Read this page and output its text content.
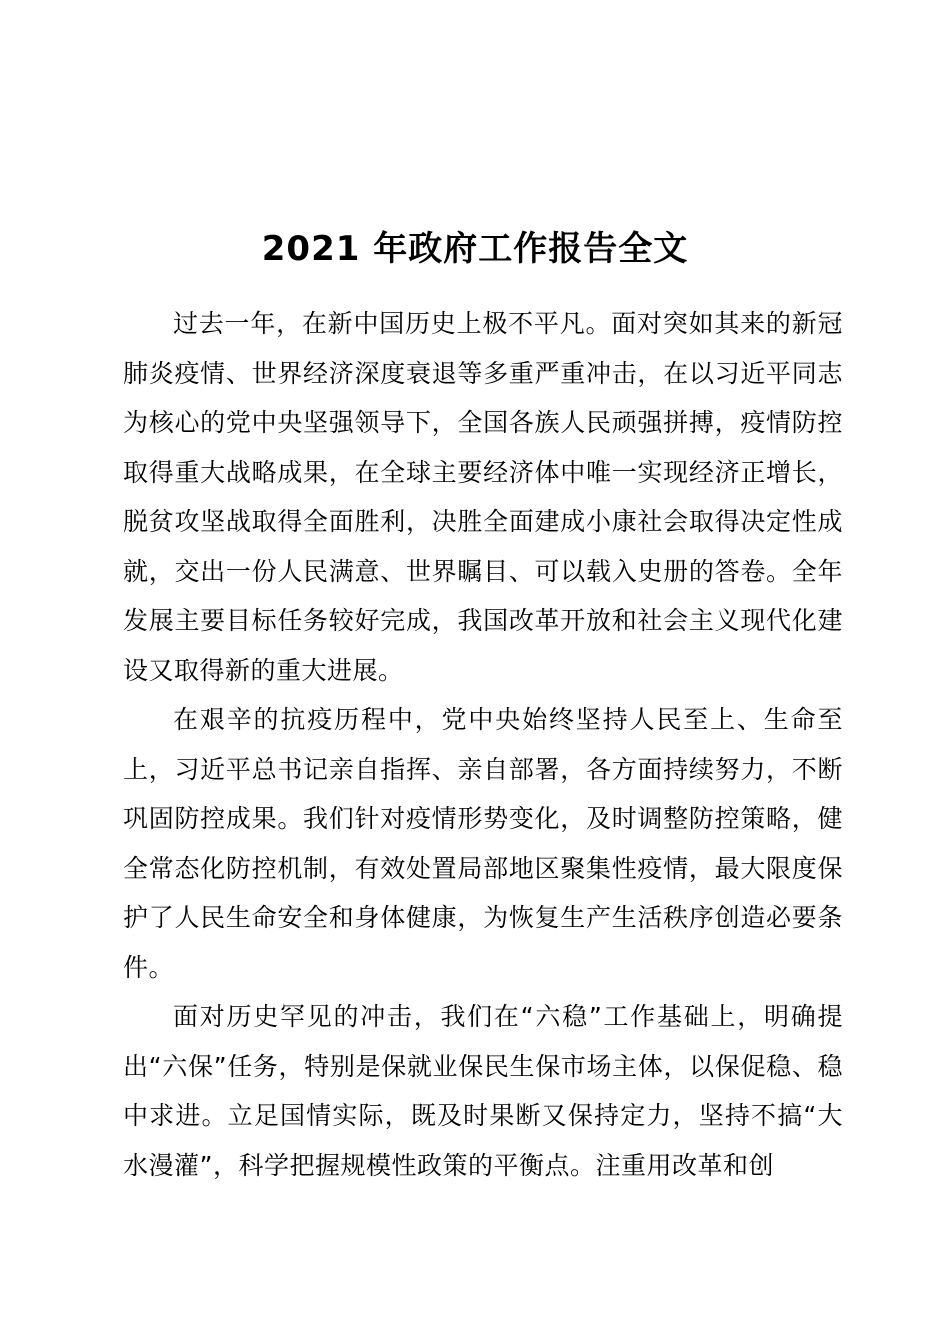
2021 年政府工作报告全文

过去一年，在新中国历史上极不平凡。面对突如其来的新冠肺炎疫情、世界经济深度衰退等多重严重冲击，在以习近平同志为核心的党中央坚强领导下，全国各族人民顽强拼搏，疫情防控取得重大战略成果，在全球主要经济体中唯一实现经济正增长，脱贫攻坚战取得全面胜利，决胜全面建成小康社会取得决定性成就，交出一份人民满意、世界瞩目、可以载入史册的答卷。全年发展主要目标任务较好完成，我国改革开放和社会主义现代化建设又取得新的重大进展。

在艰辛的抗疫历程中，党中央始终坚持人民至上、生命至上，习近平总书记亲自指挥、亲自部署，各方面持续努力，不断巩固防控成果。我们针对疫情形势变化，及时调整防控策略，健全常态化防控机制，有效处置局部地区聚集性疫情，最大限度保护了人民生命安全和身体健康，为恢复生产生活秩序创造必要条件。

面对历史罕见的冲击，我们在“六稳”工作基础上，明确提出“六保”任务，特别是保就业保民生保市场主体，以保促稳、稳中求进。立足国情实际，既及时果断又保持定力，坚持不搞“大水漫灌”，科学把握规模性政策的平衡点。注重用改革和创
